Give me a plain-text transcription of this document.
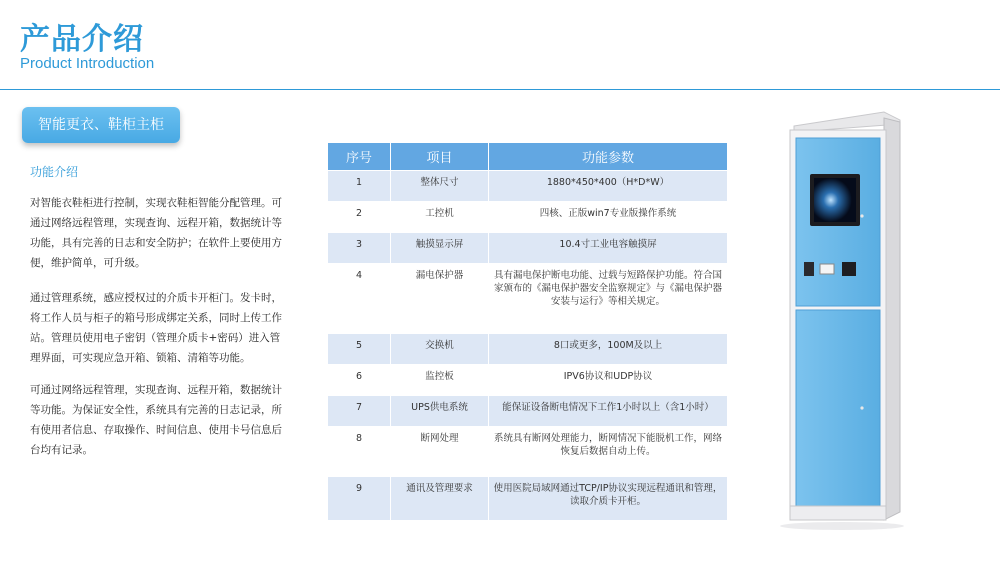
产品介绍
Product Introduction
智能更衣、鞋柜主柜
功能介绍
对智能衣鞋柜进行控制，实现衣鞋柜智能分配管理。可通过网络远程管理，实现查询、远程开箱，数据统计等功能，具有完善的日志和安全防护；在软件上要使用方便，维护简单，可升级。
通过管理系统，感应授权过的介质卡开柜门。发卡时，将工作人员与柜子的箱号形成绑定关系，同时上传工作站。管理员使用电子密钥（管理介质卡+密码）进入管理界面，可实现应急开箱、锁箱、清箱等功能。
可通过网络远程管理，实现查询、远程开箱，数据统计等功能。为保证安全性，系统具有完善的日志记录，所有使用者信息、存取操作、时间信息、使用卡号信息后台均有记录。
序号	项目	功能参数
1	整体尺寸	1880*450*400（H*D*W）
2	工控机	四核、正版win7专业版操作系统
3	触摸显示屏	10.4寸工业电容触摸屏
4	漏电保护器	具有漏电保护断电功能、过载与短路保护功能。符合国家颁布的《漏电保护器安全监察规定》与《漏电保护器安装与运行》等相关规定。
5	交换机	8口或更多，100M及以上
6	监控板	IPV6协议和UDP协议
7	UPS供电系统	能保证设备断电情况下工作1小时以上（含1小时）
8	断网处理	系统具有断网处理能力，断网情况下能脱机工作，网络恢复后数据自动上传。
9	通讯及管理要求	使用医院局域网通过TCP/IP协议实现远程通讯和管理，读取介质卡开柜。
